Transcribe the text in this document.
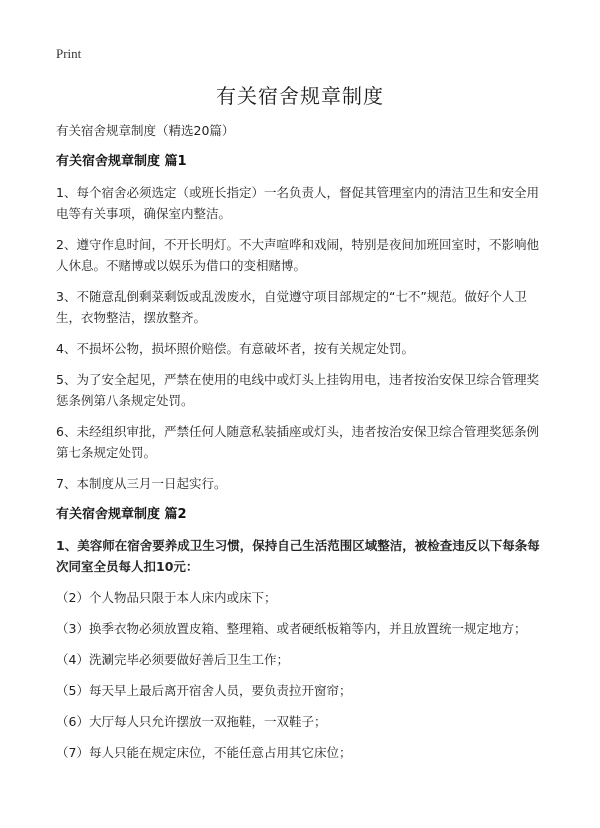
Print
有关宿舍规章制度
有关宿舍规章制度（精选20篇）
有关宿舍规章制度 篇1
1、每个宿舍必须选定（或班长指定）一名负责人，督促其管理室内的清洁卫生和安全用电等有关事项，确保室内整洁。
2、遵守作息时间，不开长明灯。不大声喧哗和戏闹，特别是夜间加班回室时，不影响他人休息。不赌博或以娱乐为借口的变相赌博。
3、不随意乱倒剩菜剩饭或乱泼废水，自觉遵守项目部规定的“七不”规范。做好个人卫生，衣物整洁，摆放整齐。
4、不损坏公物，损坏照价赔偿。有意破坏者，按有关规定处罚。
5、为了安全起见，严禁在使用的电线中或灯头上挂钩用电，违者按治安保卫综合管理奖惩条例第八条规定处罚。
6、未经组织审批，严禁任何人随意私装插座或灯头，违者按治安保卫综合管理奖惩条例第七条规定处罚。
7、本制度从三月一日起实行。
有关宿舍规章制度 篇2
1、美容师在宿舍要养成卫生习惯，保持自己生活范围区域整洁，被检查违反以下每条每次同室全员每人扣10元：
（2）个人物品只限于本人床内或床下；
（3）换季衣物必须放置皮箱、整理箱、或者硬纸板箱等内，并且放置统一规定地方；
（4）洗涮完毕必须要做好善后卫生工作；
（5）每天早上最后离开宿舍人员，要负责拉开窗帘；
（6）大厅每人只允许摆放一双拖鞋，一双鞋子；
（7）每人只能在规定床位，不能任意占用其它床位；
